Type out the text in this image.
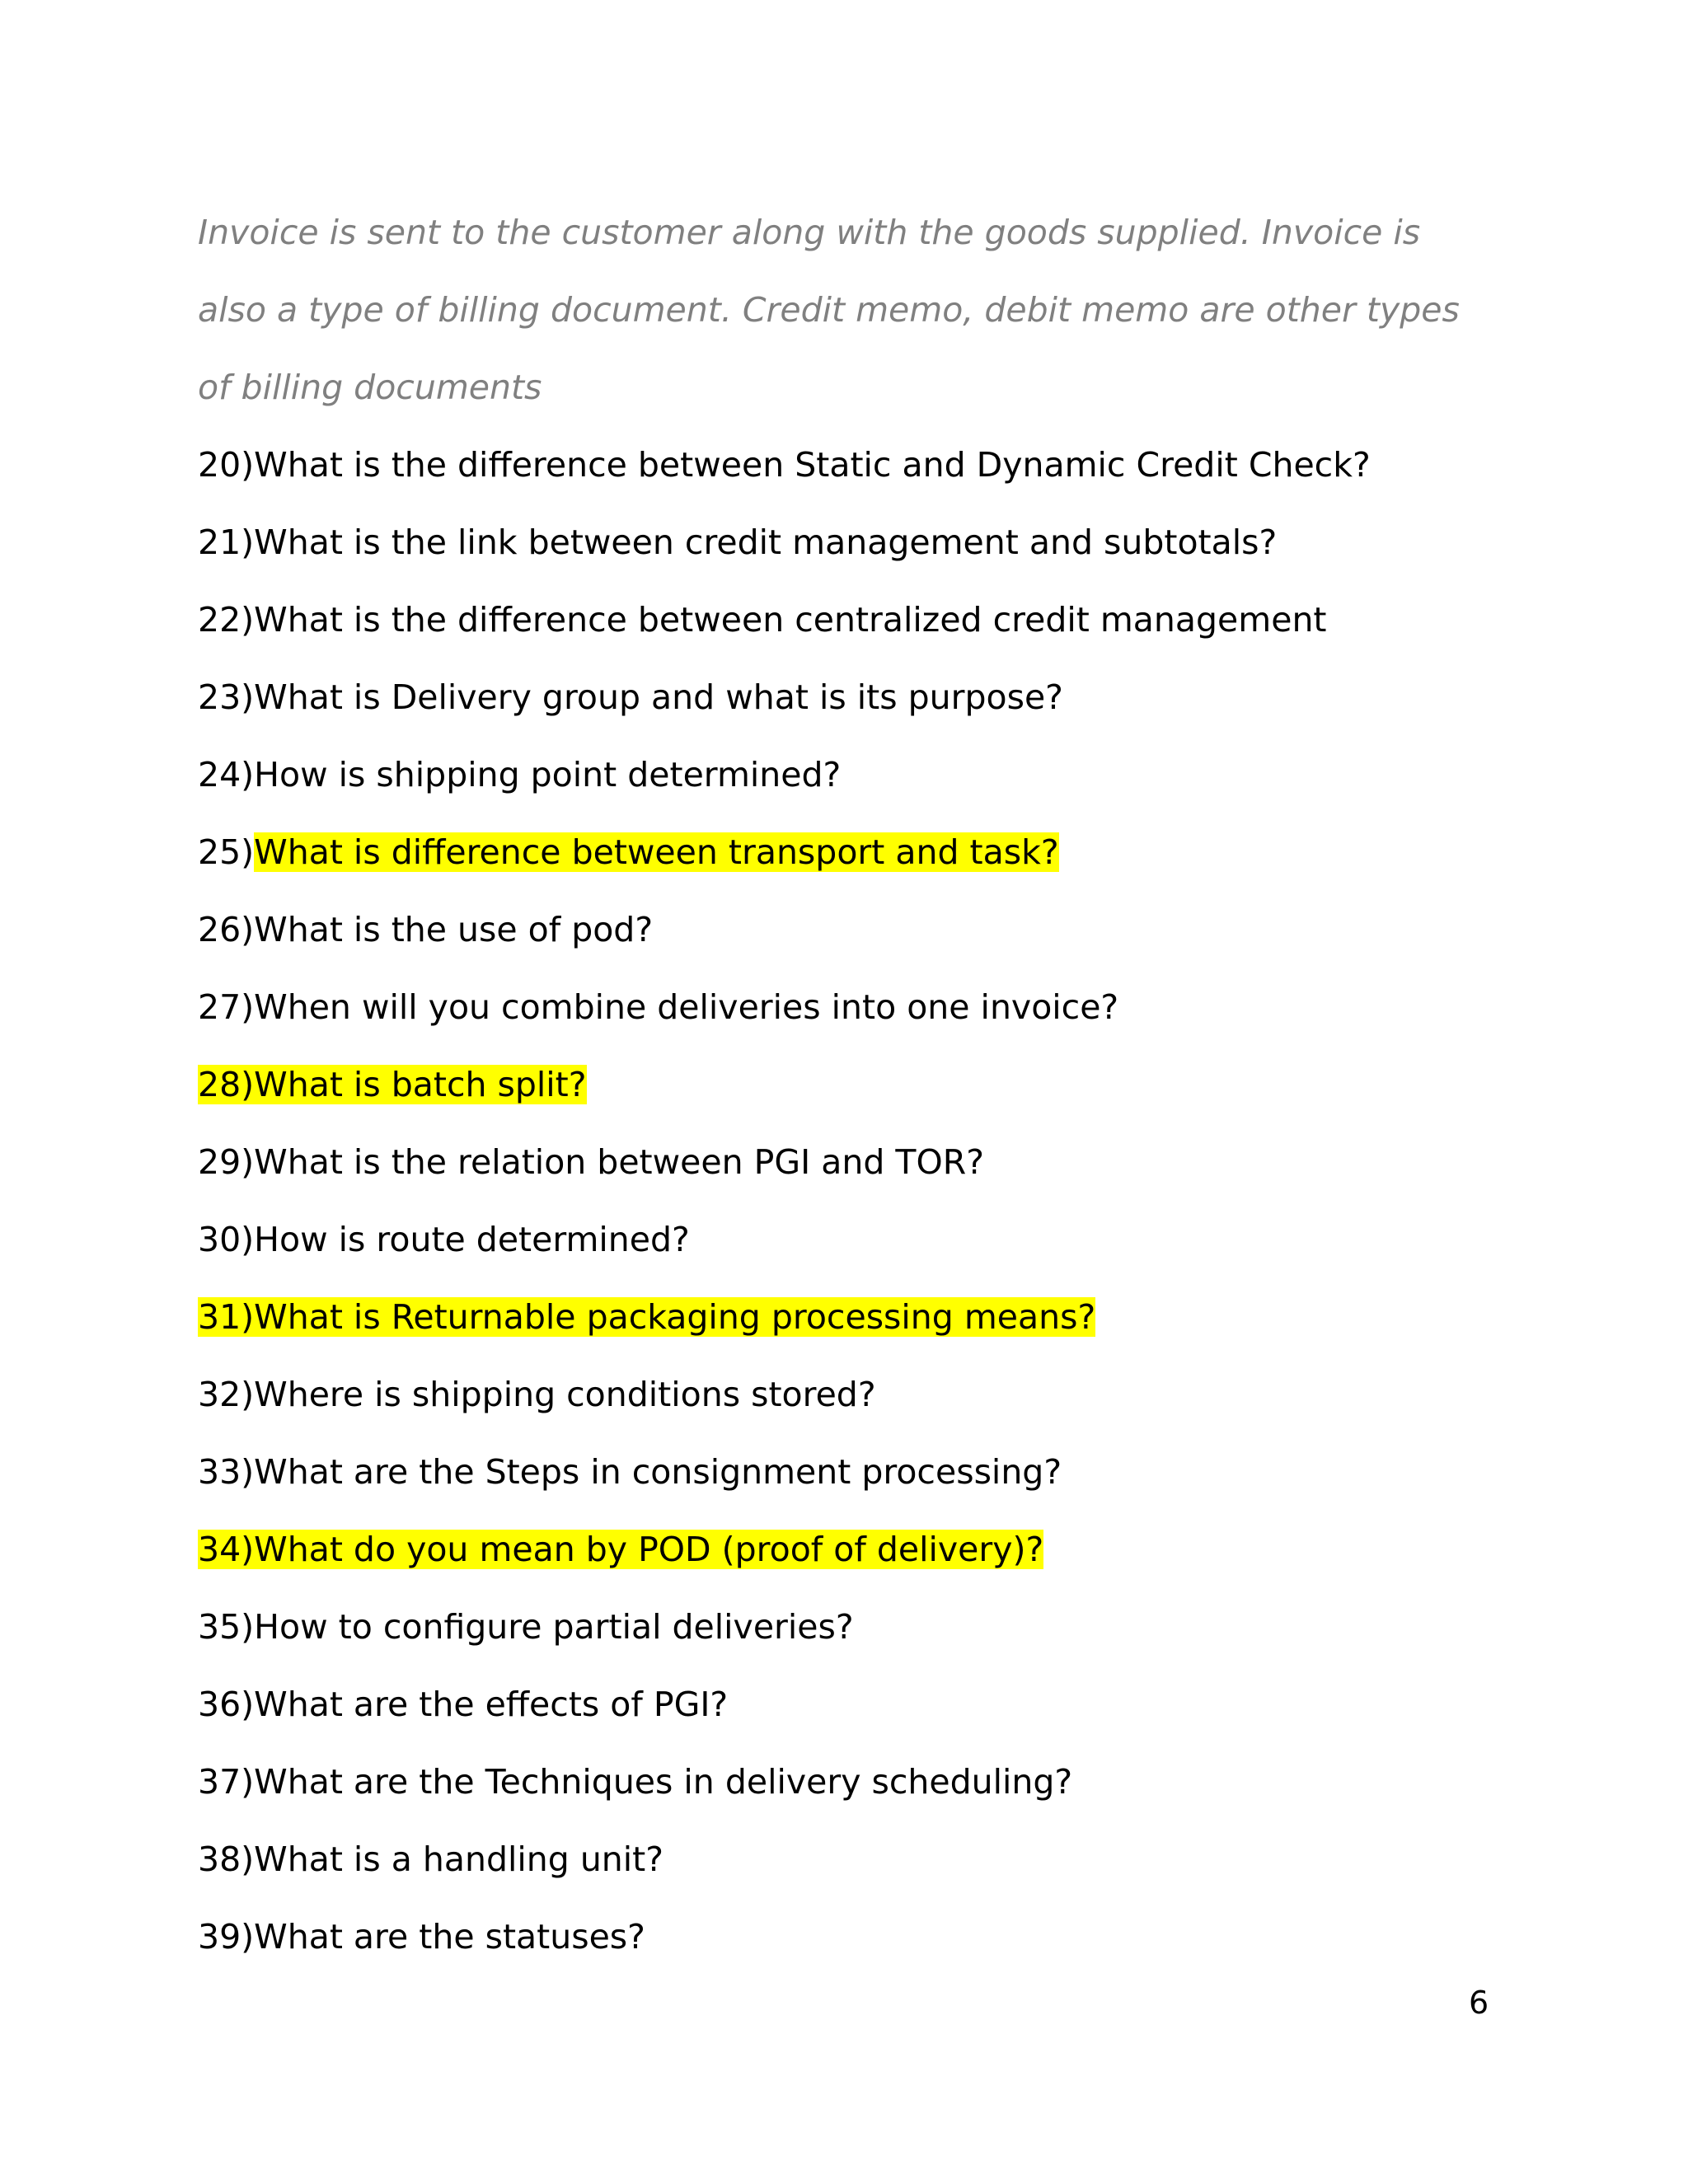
Invoice is sent to the customer along with the goods supplied. Invoice is
also a type of billing document. Credit memo, debit memo are other types
of billing documents
20)What is the difference between Static and Dynamic Credit Check?
21)What is the link between credit management and subtotals?
22)What is the difference between centralized credit management
23)What is Delivery group and what is its purpose?
24)How is shipping point determined?
25)What is difference between transport and task?
26)What is the use of pod?
27)When will you combine deliveries into one invoice?
28)What is batch split?
29)What is the relation between PGI and TOR?
30)How is route determined?
31)What is Returnable packaging processing means?
32)Where is shipping conditions stored?
33)What are the Steps in consignment processing?
34)What do you mean by POD (proof of delivery)?
35)How to configure partial deliveries?
36)What are the effects of PGI?
37)What are the Techniques in delivery scheduling?
38)What is a handling unit?
39)What are the statuses?
6
